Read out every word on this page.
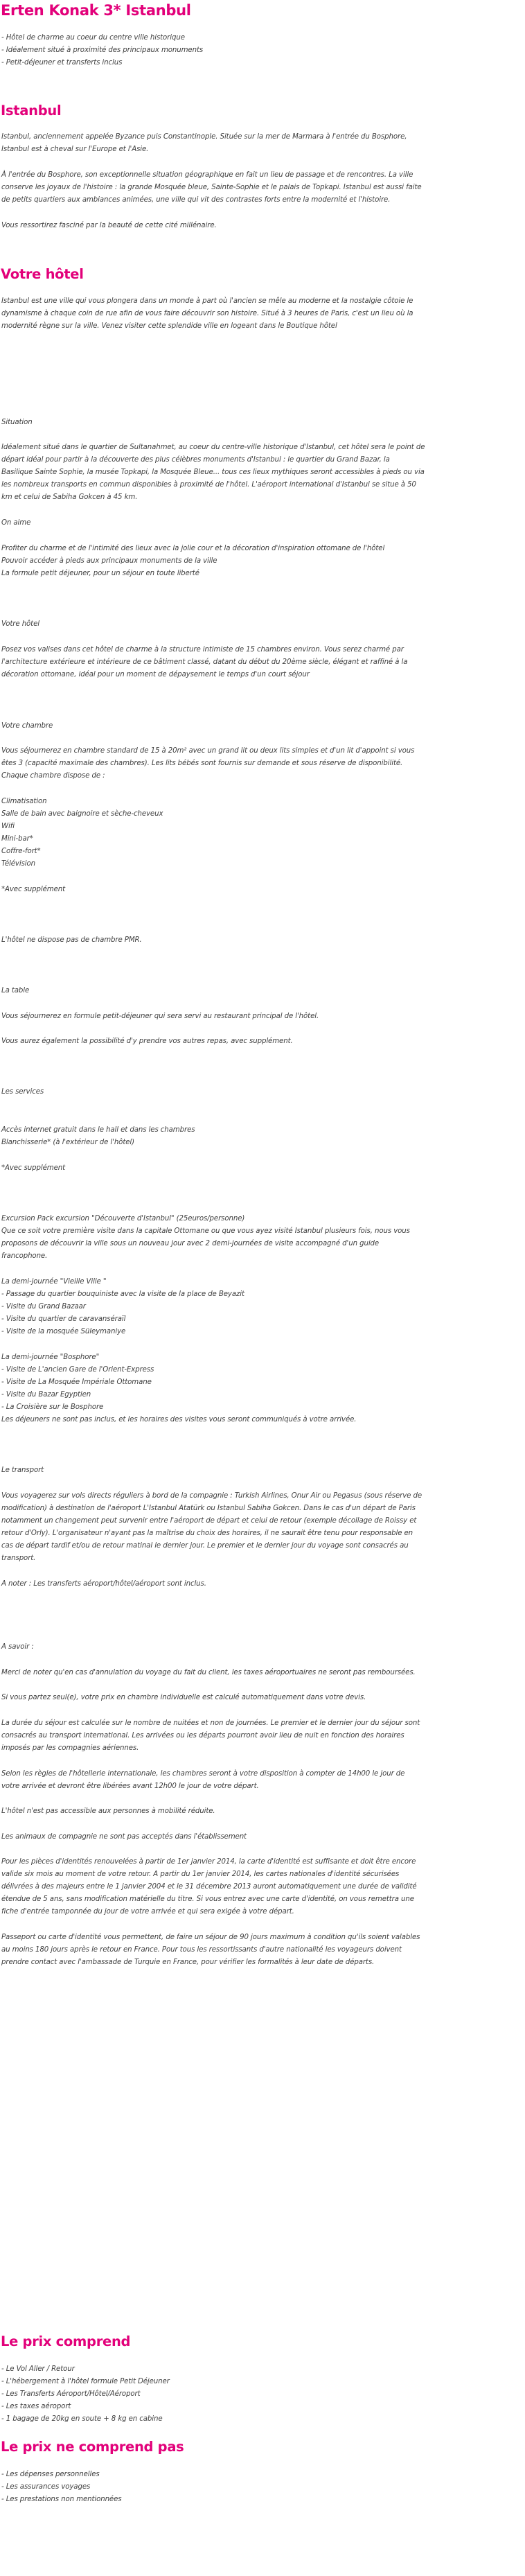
Erten Konak 3* Istanbul
- Hôtel de charme au coeur du centre ville historique
- Idéalement situé à proximité des principaux monuments
- Petit-déjeuner et transferts inclus
Istanbul
Istanbul, anciennement appelée Byzance puis Constantinople. Située sur la mer de Marmara à l'entrée du Bosphore,
Istanbul est à cheval sur l'Europe et l'Asie.
À l'entrée du Bosphore, son exceptionnelle situation géographique en fait un lieu de passage et de rencontres. La ville
conserve les joyaux de l'histoire : la grande Mosquée bleue, Sainte-Sophie et le palais de Topkapi. Istanbul est aussi faite
de petits quartiers aux ambiances animées, une ville qui vit des contrastes forts entre la modernité et l'histoire.
Vous ressortirez fasciné par la beauté de cette cité millénaire.
Votre hôtel
Istanbul est une ville qui vous plongera dans un monde à part où l'ancien se mêle au moderne et la nostalgie côtoie le
dynamisme à chaque coin de rue afin de vous faire découvrir son histoire. Situé à 3 heures de Paris, c'est un lieu où la
modernité règne sur la ville. Venez visiter cette splendide ville en logeant dans le Boutique hôtel
Situation
Idéalement situé dans le quartier de Sultanahmet, au coeur du centre-ville historique d'Istanbul, cet hôtel sera le point de
départ idéal pour partir à la découverte des plus célèbres monuments d'Istanbul : le quartier du Grand Bazar, la
Basilique Sainte Sophie, la musée Topkapi, la Mosquée Bleue... tous ces lieux mythiques seront accessibles à pieds ou via
les nombreux transports en commun disponibles à proximité de l'hôtel. L'aéroport international d'Istanbul se situe à 50
km et celui de Sabiha Gokcen à 45 km.
On aime
Profiter du charme et de l'intimité des lieux avec la jolie cour et la décoration d'inspiration ottomane de l'hôtel
Pouvoir accéder à pieds aux principaux monuments de la ville
La formule petit déjeuner, pour un séjour en toute liberté
Votre hôtel
Posez vos valises dans cet hôtel de charme à la structure intimiste de 15 chambres environ. Vous serez charmé par
l'architecture extérieure et intérieure de ce bâtiment classé, datant du début du 20ème siècle, élégant et raffiné à la
décoration ottomane, idéal pour un moment de dépaysement le temps d'un court séjour
Votre chambre
Vous séjournerez en chambre standard de 15 à 20m² avec un grand lit ou deux lits simples et d'un lit d'appoint si vous
êtes 3 (capacité maximale des chambres). Les lits bébés sont fournis sur demande et sous réserve de disponibilité.
Chaque chambre dispose de :
Climatisation
Salle de bain avec baignoire et sèche-cheveux
Wifi
Mini-bar*
Coffre-fort*
Télévision
*Avec supplément
L'hôtel ne dispose pas de chambre PMR.
La table
Vous séjournerez en formule petit-déjeuner qui sera servi au restaurant principal de l'hôtel.
Vous aurez également la possibilité d'y prendre vos autres repas, avec supplément.
Les services
Accès internet gratuit dans le hall et dans les chambres
Blanchisserie* (à l'extérieur de l'hôtel)
*Avec supplément
Excursion Pack excursion "Découverte d'Istanbul" (25euros/personne)
Que ce soit votre première visite dans la capitale Ottomane ou que vous ayez visité Istanbul plusieurs fois, nous vous
proposons de découvrir la ville sous un nouveau jour avec 2 demi-journées de visite accompagné d'un guide
francophone.
La demi-journée "Vieille Ville "
- Passage du quartier bouquiniste avec la visite de la place de Beyazit
- Visite du Grand Bazaar
- Visite du quartier de caravanséraïl
- Visite de la mosquée Süleymaniye
La demi-journée "Bosphore"
- Visite de L'ancien Gare de l'Orient-Express
- Visite de La Mosquée Impériale Ottomane
- Visite du Bazar Egyptien
- La Croisière sur le Bosphore
Les déjeuners ne sont pas inclus, et les horaires des visites vous seront communiqués à votre arrivée.
Le transport
Vous voyagerez sur vols directs réguliers à bord de la compagnie : Turkish Airlines, Onur Air ou Pegasus (sous réserve de
modification) à destination de l'aéroport L'Istanbul Atatürk ou Istanbul Sabiha Gokcen. Dans le cas d'un départ de Paris
notamment un changement peut survenir entre l'aéroport de départ et celui de retour (exemple décollage de Roissy et
retour d'Orly). L'organisateur n'ayant pas la maîtrise du choix des horaires, il ne saurait être tenu pour responsable en
cas de départ tardif et/ou de retour matinal le dernier jour. Le premier et le dernier jour du voyage sont consacrés au
transport.
A noter : Les transferts aéroport/hôtel/aéroport sont inclus.
A savoir :
Merci de noter qu'en cas d'annulation du voyage du fait du client, les taxes aéroportuaires ne seront pas remboursées.
Si vous partez seul(e), votre prix en chambre individuelle est calculé automatiquement dans votre devis.
La durée du séjour est calculée sur le nombre de nuitées et non de journées. Le premier et le dernier jour du séjour sont
consacrés au transport international. Les arrivées ou les départs pourront avoir lieu de nuit en fonction des horaires
imposés par les compagnies aériennes.
Selon les règles de l'hôtellerie internationale, les chambres seront à votre disposition à compter de 14h00 le jour de
votre arrivée et devront être libérées avant 12h00 le jour de votre départ.
L'hôtel n'est pas accessible aux personnes à mobilité réduite.
Les animaux de compagnie ne sont pas acceptés dans l'établissement
Pour les pièces d'identités renouvelées à partir de 1er janvier 2014, la carte d'identité est suffisante et doit être encore
valide six mois au moment de votre retour. A partir du 1er janvier 2014, les cartes nationales d'identité sécurisées
délivrées à des majeurs entre le 1 janvier 2004 et le 31 décembre 2013 auront automatiquement une durée de validité
étendue de 5 ans, sans modification matérielle du titre. Si vous entrez avec une carte d'identité, on vous remettra une
fiche d'entrée tamponnée du jour de votre arrivée et qui sera exigée à votre départ.
Passeport ou carte d'identité vous permettent, de faire un séjour de 90 jours maximum à condition qu'ils soient valables
au moins 180 jours après le retour en France. Pour tous les ressortissants d'autre nationalité les voyageurs doivent
prendre contact avec l'ambassade de Turquie en France, pour vérifier les formalités à leur date de départs.
Le prix comprend
- Le Vol Aller / Retour
- L'hébergement à l'hôtel formule Petit Déjeuner
- Les Transferts Aéroport/Hôtel/Aéroport
- Les taxes aéroport
- 1 bagage de 20kg en soute + 8 kg en cabine
Le prix ne comprend pas
- Les dépenses personnelles
- Les assurances voyages
- Les prestations non mentionnées
